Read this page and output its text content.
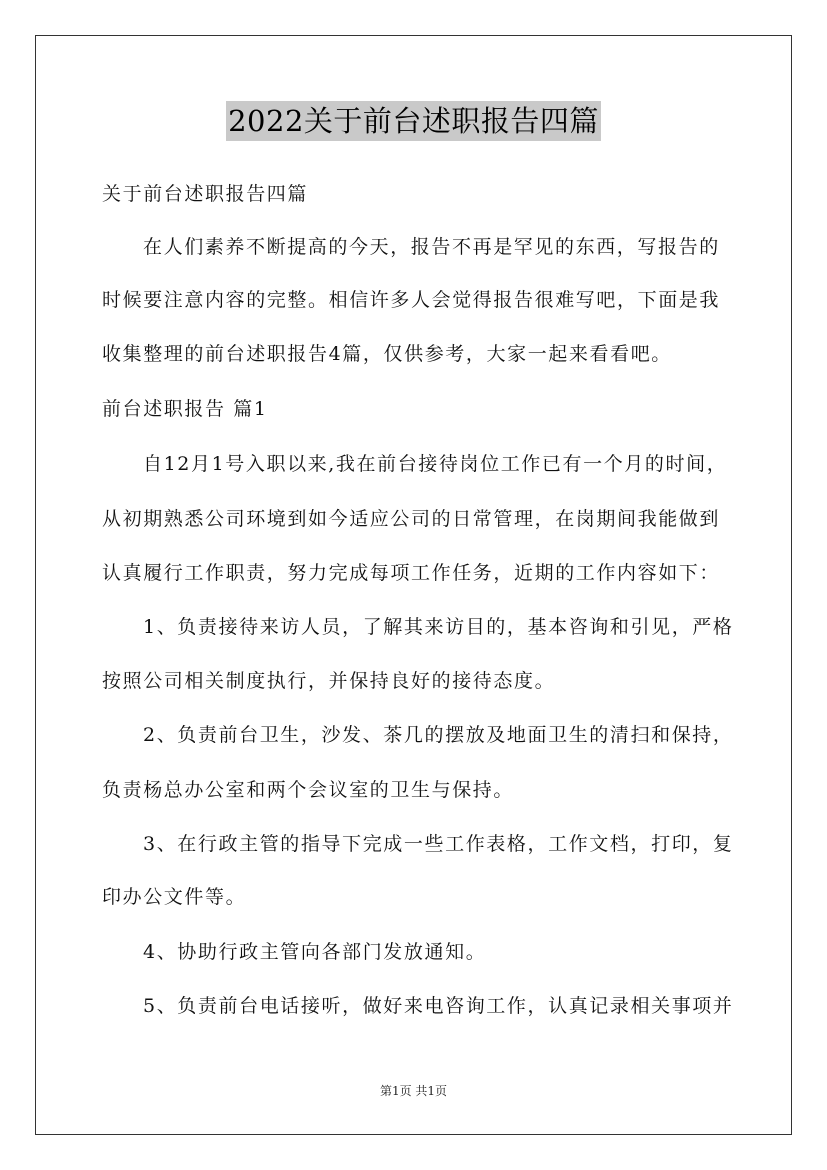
2022关于前台述职报告四篇
关于前台述职报告四篇
在人们素养不断提高的今天，报告不再是罕见的东西，写报告的
时候要注意内容的完整。相信许多人会觉得报告很难写吧，下面是我
收集整理的前台述职报告4篇，仅供参考，大家一起来看看吧。
前台述职报告 篇1
自12月1号入职以来,我在前台接待岗位工作已有一个月的时间，
从初期熟悉公司环境到如今适应公司的日常管理，在岗期间我能做到
认真履行工作职责，努力完成每项工作任务，近期的工作内容如下：
1、负责接待来访人员，了解其来访目的，基本咨询和引见，严格
按照公司相关制度执行，并保持良好的接待态度。
2、负责前台卫生，沙发、茶几的摆放及地面卫生的清扫和保持，
负责杨总办公室和两个会议室的卫生与保持。
3、在行政主管的指导下完成一些工作表格，工作文档，打印，复
印办公文件等。
4、协助行政主管向各部门发放通知。
5、负责前台电话接听，做好来电咨询工作，认真记录相关事项并
第1页 共1页
